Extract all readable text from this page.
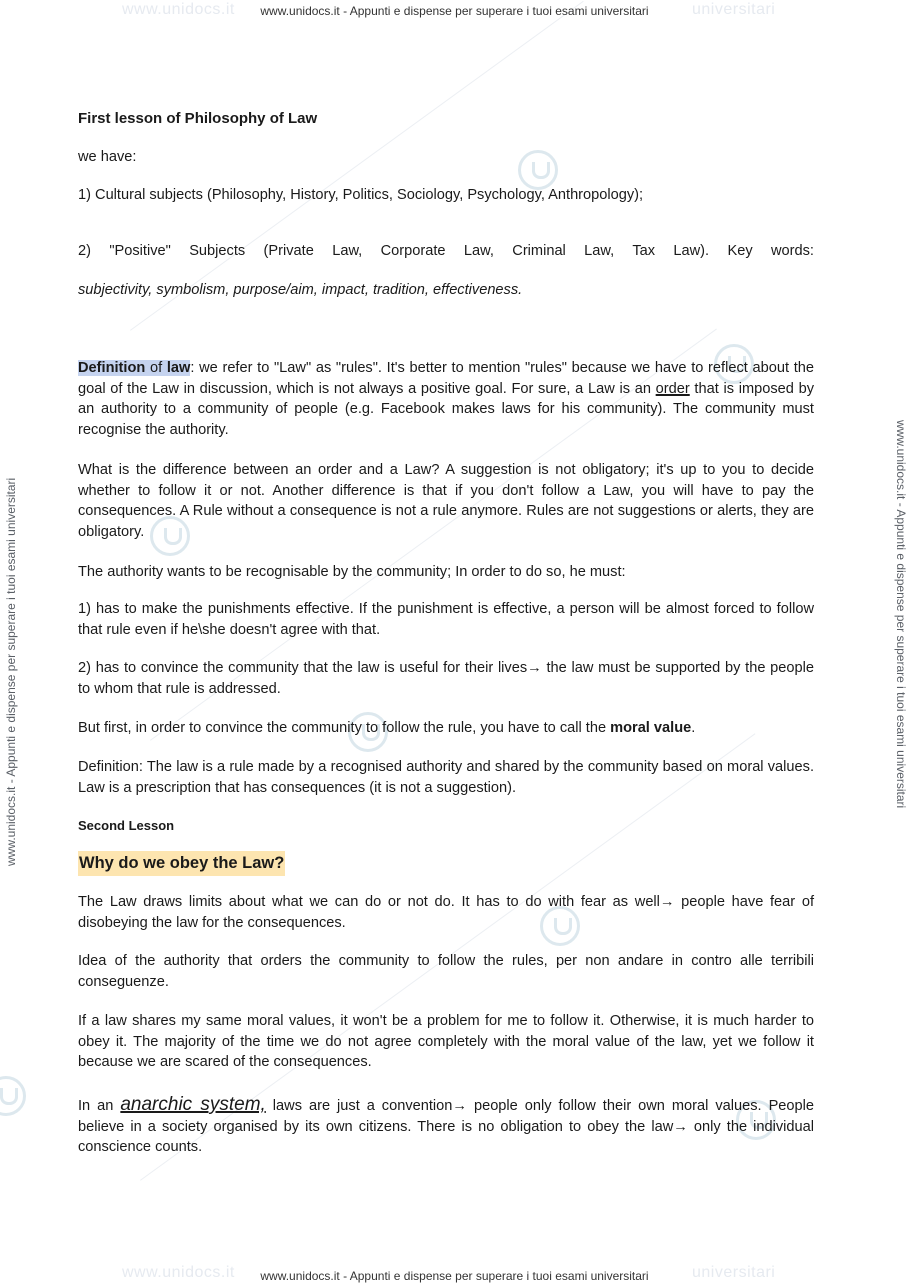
www.unidocs.it	universitari
www.unidocs.it	universitari
www.unidocs.it - Appunti e dispense per superare i tuoi esami universitari
www.unidocs.it - Appunti e dispense per superare i tuoi esami universitari
www.unidocs.it - Appunti e dispense per superare i tuoi esami universitari	www.unidocs.it - Appunti e dispense per superare i tuoi esami universitari
First lesson of Philosophy of Law
we have:
1) Cultural subjects (Philosophy, History, Politics, Sociology, Psychology, Anthropology);
2) "Positive" Subjects (Private Law, Corporate Law, Criminal Law, Tax Law). Key words:
subjectivity, symbolism, purpose/aim, impact, tradition, effectiveness.
Definition of law: we refer to "Law" as "rules". It's better to mention "rules" because we have to reflect about the goal of the Law in discussion, which is not always a positive goal. For sure, a Law is an order that is imposed by an authority to a community of people (e.g. Facebook makes laws for his community). The community must recognise the authority.
What is the difference between an order and a Law? A suggestion is not obligatory; it's up to you to decide whether to follow it or not. Another difference is that if you don't follow a Law, you will have to pay the consequences. A Rule without a consequence is not a rule anymore. Rules are not suggestions or alerts, they are obligatory.
The authority wants to be recognisable by the community; In order to do so, he must:
1) has to make the punishments effective. If the punishment is effective, a person will be almost forced to follow that rule even if he\she doesn't agree with that.
2) has to convince the community that the law is useful for their lives→ the law must be supported by the people to whom that rule is addressed.
But first, in order to convince the community to follow the rule, you have to call the moral value.
Definition: The law is a rule made by a recognised authority and shared by the community based on moral values. Law is a prescription that has consequences (it is not a suggestion).
Second Lesson
Why do we obey the Law?
The Law draws limits about what we can do or not do. It has to do with fear as well→ people have fear of disobeying the law for the consequences.
Idea of the authority that orders the community to follow the rules, per non andare in contro alle terribili conseguenze.
If a law shares my same moral values, it won't be a problem for me to follow it. Otherwise, it is much harder to obey it. The majority of the time we do not agree completely with the moral value of the law, yet we follow it because we are scared of the consequences.
In an anarchic system, laws are just a convention→ people only follow their own moral values. People believe in a society organised by its own citizens. There is no obligation to obey the law→ only the individual conscience counts.
